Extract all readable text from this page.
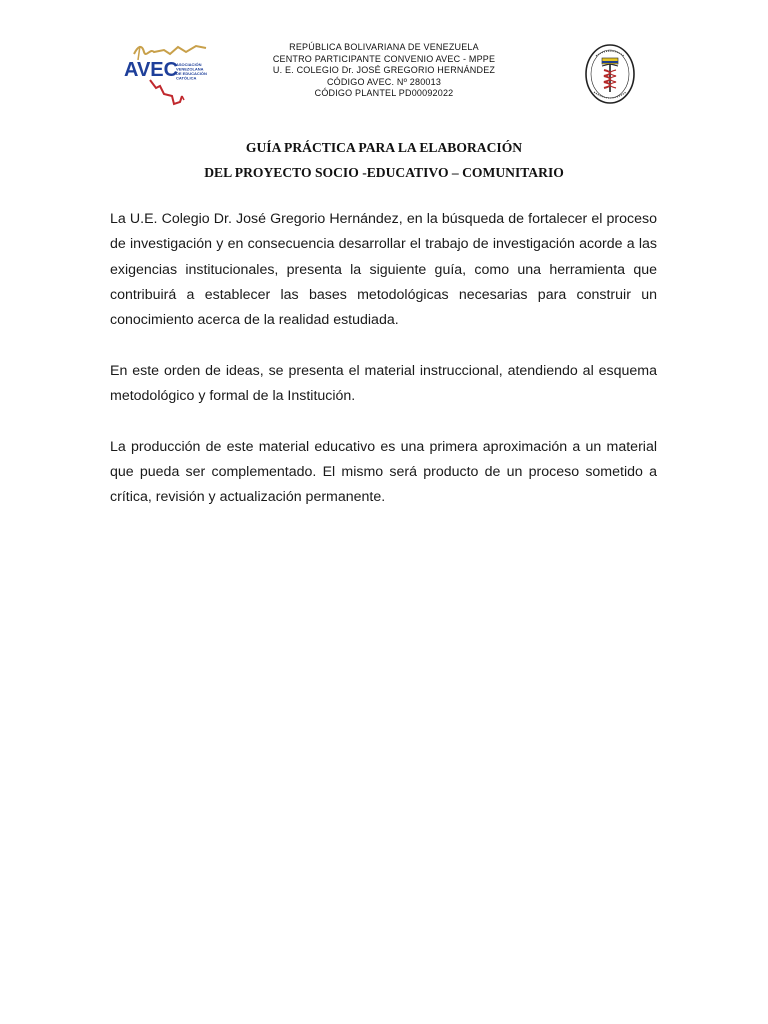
AVEC
ASOCIACIÓN
VENEZOLANA
DE EDUCACIÓN
CATÓLICA
REPÚBLICA BOLIVARIANA DE VENEZUELA
CENTRO PARTICIPANTE CONVENIO AVEC - MPPE
U. E. COLEGIO Dr. JOSÉ GREGORIO HERNÁNDEZ
CÓDIGO AVEC. Nº 280013
CÓDIGO PLANTEL PD00092022
GUÍA PRÁCTICA PARA LA ELABORACIÓN
DEL PROYECTO SOCIO -EDUCATIVO – COMUNITARIO

La U.E. Colegio Dr. José Gregorio Hernández, en la búsqueda de fortalecer el proceso de investigación y en consecuencia desarrollar el trabajo de investigación acorde a las exigencias institucionales, presenta la siguiente guía, como una herramienta que contribuirá a establecer las bases metodológicas necesarias para construir un conocimiento acerca de la realidad estudiada.

En este orden de ideas, se presenta el material instruccional, atendiendo al esquema metodológico y formal de la Institución.

La producción de este material educativo es una primera aproximación a un material que pueda ser complementado. El mismo será producto de un proceso sometido a crítica, revisión y actualización permanente.
